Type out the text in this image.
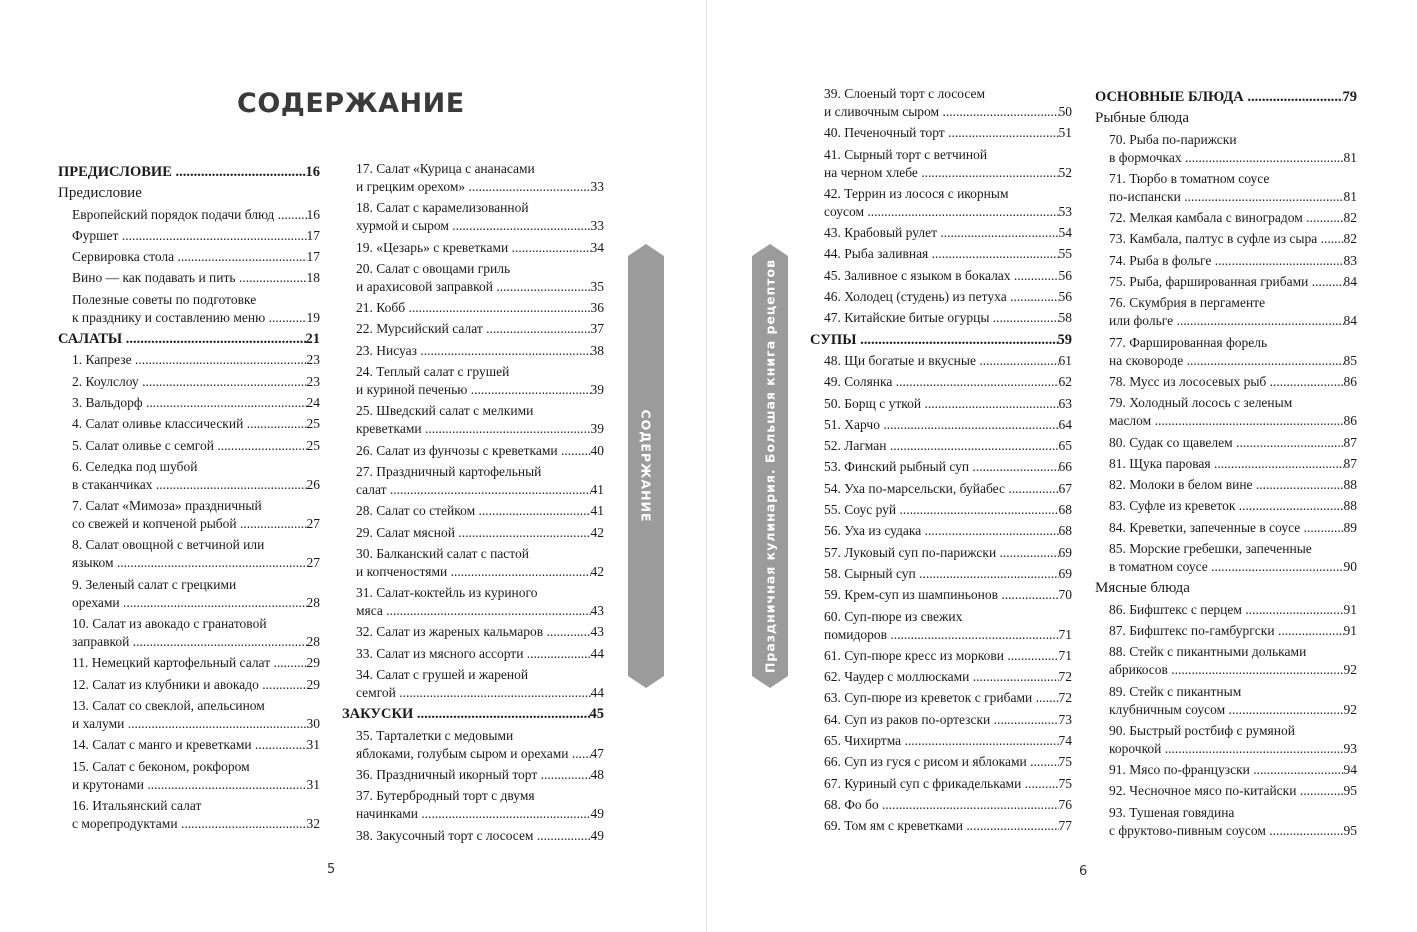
СОДЕРЖАНИЕ
ПРЕДИСЛОВИЕ .....	16
Предисловие
Европейский порядок подачи блюд .....	16
Фуршет .....	17
Сервировка стола .....	17
Вино — как подавать и пить .....	18
Полезные советы по подготовке
к празднику и составлению меню .....	19
САЛАТЫ .....	21
1. Капрезе .....	23
2. Коулслоу .....	23
3. Вальдорф .....	24
4. Салат оливье классический .....	25
5. Салат оливье с семгой .....	25
6. Селедка под шубой
в стаканчиках .....	26
7. Салат «Мимоза» праздничный
со свежей и копченой рыбой .....	27
8. Салат овощной с ветчиной или
языком .....	27
9. Зеленый салат с грецкими
орехами .....	28
10. Салат из авокадо с гранатовой
заправкой .....	28
11. Немецкий картофельный салат .....	29
12. Салат из клубники и авокадо .....	29
13. Салат со свеклой, апельсином
и халуми .....	30
14. Салат с манго и креветками .....	31
15. Салат с беконом, рокфором
и крутонами .....	31
16. Итальянский салат
с морепродуктами .....	32
17. Салат «Курица с ананасами
и грецким орехом» .....	33
18. Салат с карамелизованной
хурмой и сыром .....	33
19. «Цезарь» с креветками .....	34
20. Салат с овощами гриль
и арахисовой заправкой .....	35
21. Кобб .....	36
22. Мурсийский салат .....	37
23. Нисуаз .....	38
24. Теплый салат с грушей
и куриной печенью .....	39
25. Шведский салат с мелкими
креветками .....	39
26. Салат из фунчозы с креветками .....	40
27. Праздничный картофельный
салат .....	41
28. Салат со стейком .....	41
29. Салат мясной .....	42
30. Балканский салат с пастой
и копченостями .....	42
31. Салат-коктейль из куриного
мяса .....	43
32. Салат из жареных кальмаров .....	43
33. Салат из мясного ассорти .....	44
34. Салат с грушей и жареной
семгой .....	44
ЗАКУСКИ .....	45
35. Тарталетки с медовыми
яблоками, голубым сыром и орехами .....	47
36. Праздничный икорный торт .....	48
37. Бутербродный торт с двумя
начинками .....	49
38. Закусочный торт с лососем .....	49
39. Слоеный торт с лососем
и сливочным сыром .....	50
40. Печеночный торт .....	51
41. Сырный торт с ветчиной
на черном хлебе .....	52
42. Террин из лосося с икорным
соусом .....	53
43. Крабовый рулет .....	54
44. Рыба заливная .....	55
45. Заливное с языком в бокалах .....	56
46. Холодец (студень) из петуха .....	56
47. Китайские битые огурцы .....	58
СУПЫ .....	59
48. Щи богатые и вкусные .....	61
49. Солянка .....	62
50. Борщ с уткой .....	63
51. Харчо .....	64
52. Лагман .....	65
53. Финский рыбный суп .....	66
54. Уха по-марсельски, буйабес .....	67
55. Соус руй .....	68
56. Уха из судака .....	68
57. Луковый суп по-парижски .....	69
58. Сырный суп .....	69
59. Крем-суп из шампиньонов .....	70
60. Суп-пюре из свежих
помидоров .....	71
61. Суп-пюре кресс из моркови .....	71
62. Чаудер с моллюсками .....	72
63. Суп-пюре из креветок с грибами .....	72
64. Суп из раков по-ортезски .....	73
65. Чихиртма .....	74
66. Суп из гуся с рисом и яблоками .....	75
67. Куриный суп с фрикадельками .....	75
68. Фо бо .....	76
69. Том ям с креветками .....	77
ОСНОВНЫЕ БЛЮДА .....	79
Рыбные блюда
70. Рыба по-парижски
в формочках .....	81
71. Тюрбо в томатном соусе
по-испански .....	81
72. Мелкая камбала с виноградом .....	82
73. Камбала, палтус в суфле из сыра .....	82
74. Рыба в фольге .....	83
75. Рыба, фаршированная грибами .....	84
76. Скумбрия в пергаменте
или фольге .....	84
77. Фаршированная форель
на сковороде .....	85
78. Мусс из лососевых рыб .....	86
79. Холодный лосось с зеленым
маслом .....	86
80. Судак со щавелем .....	87
81. Щука паровая .....	87
82. Молоки в белом вине .....	88
83. Суфле из креветок .....	88
84. Креветки, запеченные в соусе .....	89
85. Морские гребешки, запеченные
в томатном соусе .....	90
Мясные блюда
86. Бифштекс с перцем .....	91
87. Бифштекс по-гамбургски .....	91
88. Стейк с пикантными дольками
абрикосов .....	92
89. Стейк с пикантным
клубничным соусом .....	92
90. Быстрый ростбиф с румяной
корочкой .....	93
91. Мясо по-французски .....	94
92. Чесночное мясо по-китайски .....	95
93. Тушеная говядина
с фруктово-пивным соусом .....	95
СОДЕРЖАНИЕ	Праздничная кулинария. Большая книга рецептов
5	6
